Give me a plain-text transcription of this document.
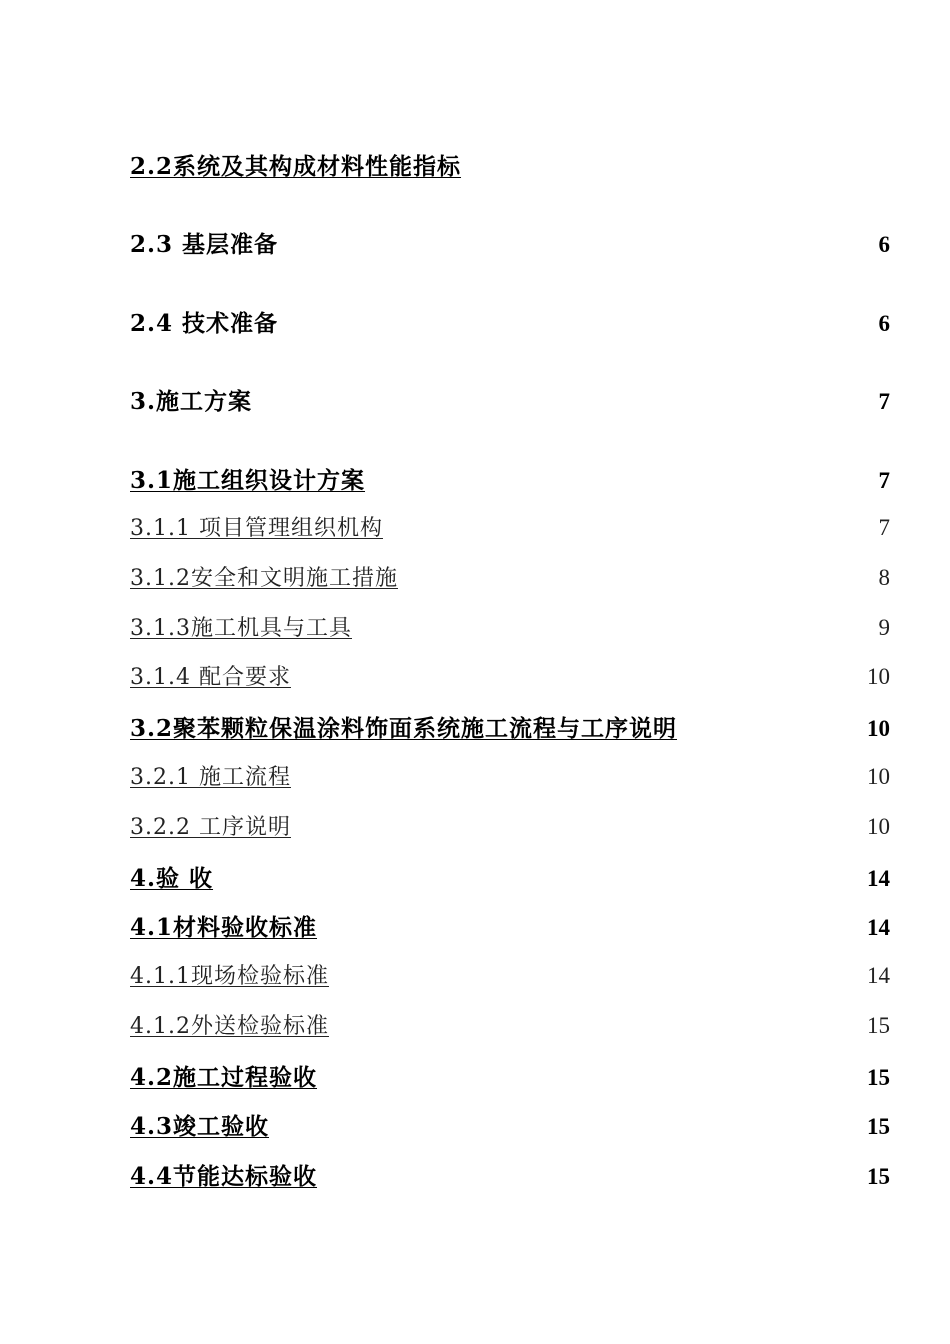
2.2系统及其构成材料性能指标
2.3 基层准备	6
2.4 技术准备	6
3.施工方案	7
3.1施工组织设计方案	7
3.1.1 项目管理组织机构	7
3.1.2安全和文明施工措施	8
3.1.3施工机具与工具	9
3.1.4 配合要求	10
3.2聚苯颗粒保温涂料饰面系统施工流程与工序说明	10
3.2.1 施工流程	10
3.2.2 工序说明	10
4.验 收	14
4.1材料验收标准	14
4.1.1现场检验标准	14
4.1.2外送检验标准	15
4.2施工过程验收	15
4.3竣工验收	15
4.4节能达标验收	15
